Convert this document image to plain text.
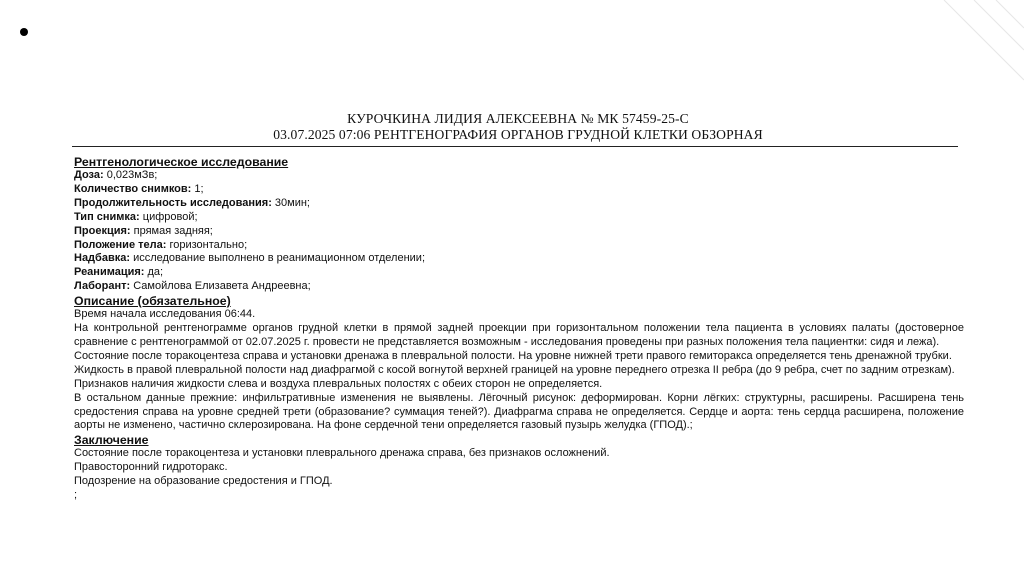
КУРОЧКИНА ЛИДИЯ АЛЕКСЕЕВНА № МК 57459-25-С
03.07.2025 07:06 РЕНТГЕНОГРАФИЯ ОРГАНОВ ГРУДНОЙ КЛЕТКИ ОБЗОРНАЯ
Рентгенологическое исследование
Доза: 0,023мЗв;
Количество снимков: 1;
Продолжительность исследования: 30мин;
Тип снимка: цифровой;
Проекция: прямая задняя;
Положение тела: горизонтально;
Надбавка: исследование выполнено в реанимационном отделении;
Реанимация: да;
Лаборант: Самойлова Елизавета Андреевна;
Описание (обязательное)
Время начала исследования 06:44.
На контрольной рентгенограмме органов грудной клетки в прямой задней проекции при горизонтальном положении тела пациента в условиях палаты (достоверное сравнение с рентгенограммой от 02.07.2025 г. провести не представляется возможным - исследования проведены при разных положения тела пациентки: сидя и лежа).
Состояние после торакоцентеза справа и установки дренажа в плевральной полости. На уровне нижней трети правого гемиторакса определяется тень дренажной трубки.
Жидкость в правой плевральной полости над диафрагмой с косой вогнутой верхней границей на уровне переднего отрезка II ребра (до 9 ребра, счет по задним отрезкам).
Признаков наличия жидкости слева и воздуха плевральных полостях с обеих сторон не определяется.
В остальном данные прежние: инфильтративные изменения не выявлены. Лёгочный рисунок: деформирован. Корни лёгких: структурны, расширены. Расширена тень средостения справа на уровне средней трети (образование? суммация теней?). Диафрагма справа не определяется. Сердце и аорта: тень сердца расширена, положение аорты не изменено, частично склерозирована. На фоне сердечной тени определяется газовый пузырь желудка (ГПОД).;
Заключение
Состояние после торакоцентеза и установки плеврального дренажа справа, без признаков осложнений.
Правосторонний гидроторакс.
Подозрение на образование средостения и ГПОД.
;
